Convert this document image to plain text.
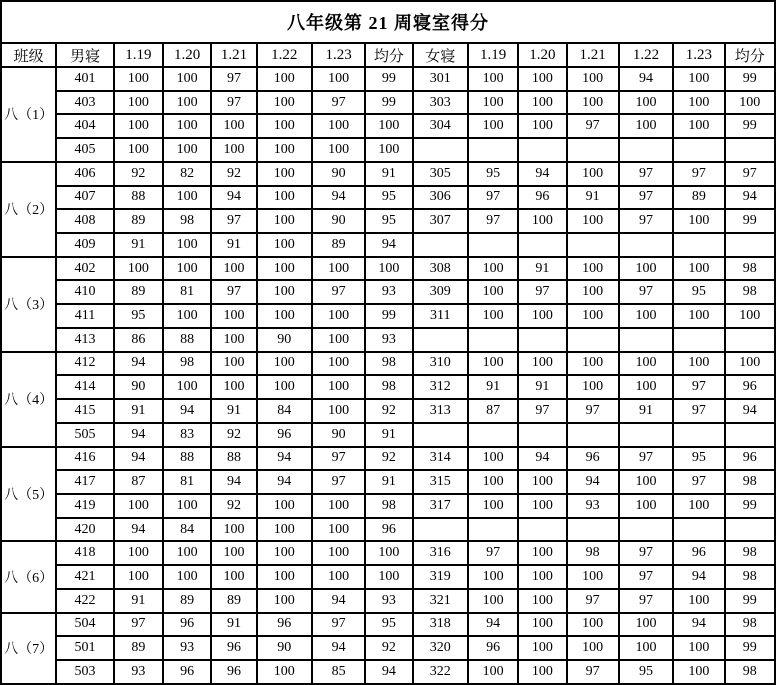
八年级第 21 周寝室得分														
班级	男寝	1.19	1.20	1.21	1.22	1.23	均分	女寝	1.19	1.20	1.21	1.22	1.23	均分
八（1）	401	100	100	97	100	100	99	301	100	100	100	94	100	99
	403	100	100	97	100	97	99	303	100	100	100	100	100	100
	404	100	100	100	100	100	100	304	100	100	97	100	100	99
	405	100	100	100	100	100	100							
八（2）	406	92	82	92	100	90	91	305	95	94	100	97	97	97
	407	88	100	94	100	94	95	306	97	96	91	97	89	94
	408	89	98	97	100	90	95	307	97	100	100	97	100	99
	409	91	100	91	100	89	94							
八（3）	402	100	100	100	100	100	100	308	100	91	100	100	100	98
	410	89	81	97	100	97	93	309	100	97	100	97	95	98
	411	95	100	100	100	100	99	311	100	100	100	100	100	100
	413	86	88	100	90	100	93							
八（4）	412	94	98	100	100	100	98	310	100	100	100	100	100	100
	414	90	100	100	100	100	98	312	91	91	100	100	97	96
	415	91	94	91	84	100	92	313	87	97	97	91	97	94
	505	94	83	92	96	90	91							
八（5）	416	94	88	88	94	97	92	314	100	94	96	97	95	96
	417	87	81	94	94	97	91	315	100	100	94	100	97	98
	419	100	100	92	100	100	98	317	100	100	93	100	100	99
	420	94	84	100	100	100	96							
八（6）	418	100	100	100	100	100	100	316	97	100	98	97	96	98
	421	100	100	100	100	100	100	319	100	100	100	97	94	98
	422	91	89	89	100	94	93	321	100	100	97	97	100	99
八（7）	504	97	96	91	96	97	95	318	94	100	100	100	94	98
	501	89	93	96	90	94	92	320	96	100	100	100	100	99
	503	93	96	96	100	85	94	322	100	100	97	95	100	98
